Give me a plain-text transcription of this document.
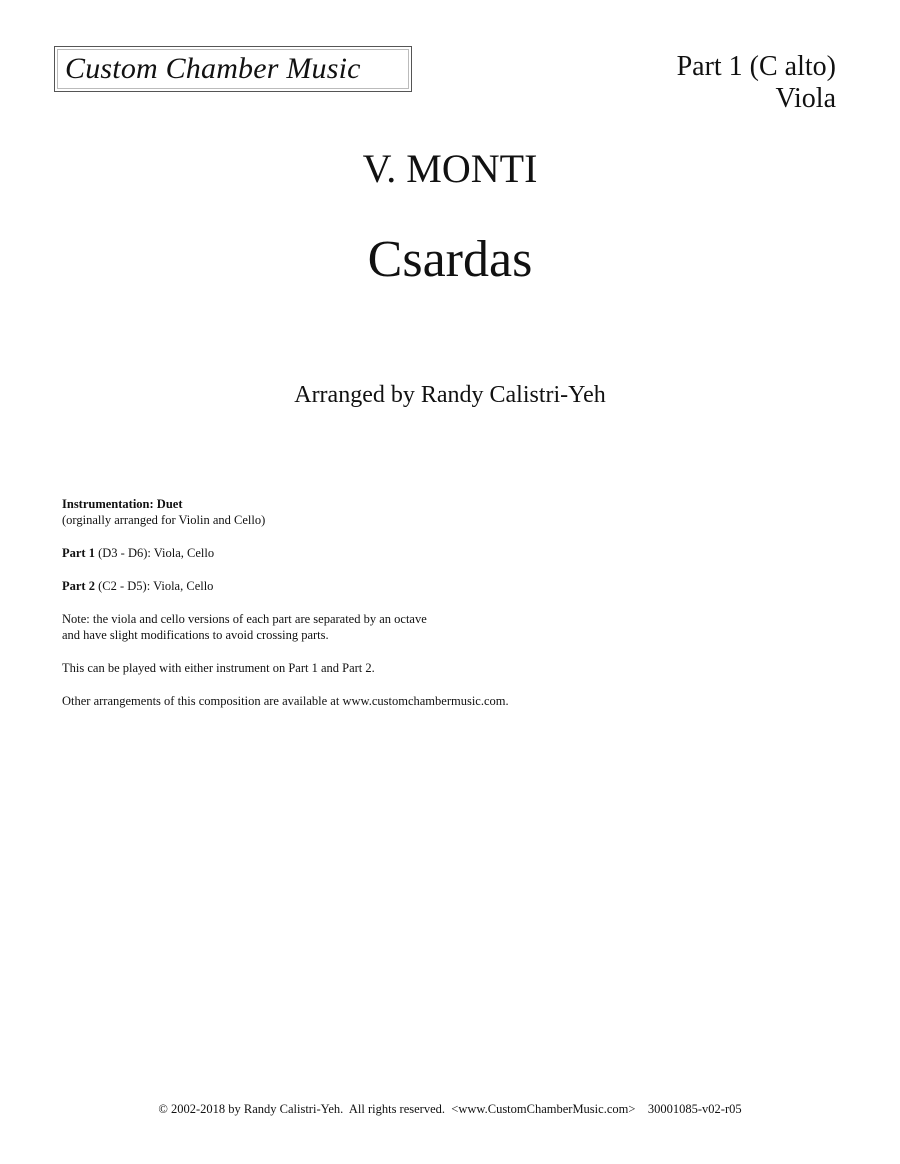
Custom Chamber Music	Part 1 (C alto)
Viola
V. MONTI
Csardas
Arranged by Randy Calistri-Yeh

Instrumentation: Duet
(orginally arranged for Violin and Cello)

Part 1 (D3 - D6): Viola, Cello

Part 2 (C2 - D5): Viola, Cello

Note: the viola and cello versions of each part are separated by an octave
and have slight modifications to avoid crossing parts.

This can be played with either instrument on Part 1 and Part 2.

Other arrangements of this composition are available at www.customchambermusic.com.

© 2002-2018 by Randy Calistri-Yeh.  All rights reserved. <www.CustomChamberMusic.com> 30001085-v02-r05
